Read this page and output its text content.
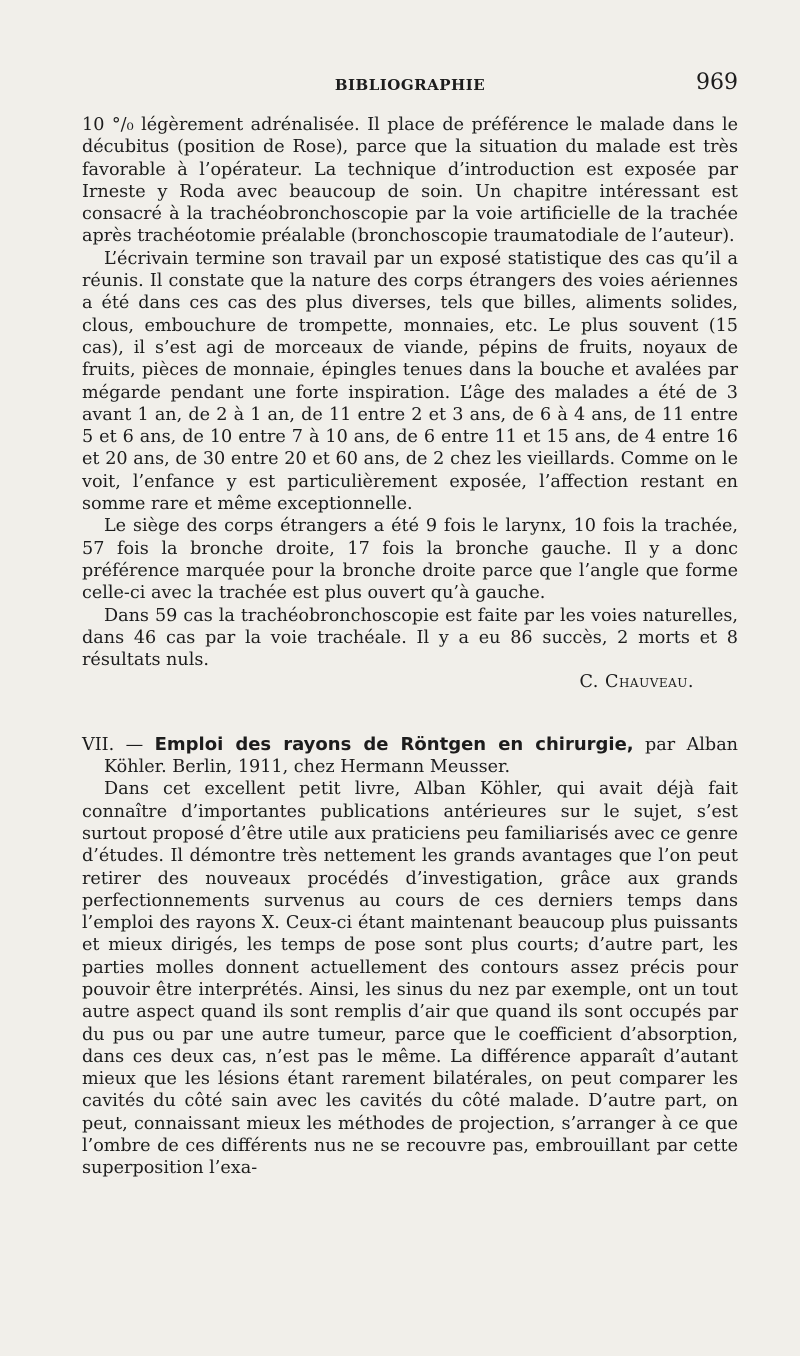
BIBLIOGRAPHIE	969

10 °/₀ légèrement adrénalisée. Il place de préférence le malade dans le décubitus (position de Rose), parce que la situation du malade est très favorable à l’opérateur. La technique d’introduction est exposée par Irneste y Roda avec beaucoup de soin. Un chapitre intéressant est consacré à la trachéobronchoscopie par la voie artificielle de la trachée après trachéotomie préalable (bronchoscopie traumatodiale de l’auteur).

L’écrivain termine son travail par un exposé statistique des cas qu’il a réunis. Il constate que la nature des corps étrangers des voies aériennes a été dans ces cas des plus diverses, tels que billes, aliments solides, clous, embouchure de trompette, monnaies, etc. Le plus souvent (15 cas), il s’est agi de morceaux de viande, pépins de fruits, noyaux de fruits, pièces de monnaie, épingles tenues dans la bouche et avalées par mégarde pendant une forte inspiration. L’âge des malades a été de 3 avant 1 an, de 2 à 1 an, de 11 entre 2 et 3 ans, de 6 à 4 ans, de 11 entre 5 et 6 ans, de 10 entre 7 à 10 ans, de 6 entre 11 et 15 ans, de 4 entre 16 et 20 ans, de 30 entre 20 et 60 ans, de 2 chez les vieillards. Comme on le voit, l’enfance y est particulièrement exposée, l’affection restant en somme rare et même exceptionnelle.

Le siège des corps étrangers a été 9 fois le larynx, 10 fois la trachée, 57 fois la bronche droite, 17 fois la bronche gauche. Il y a donc préférence marquée pour la bronche droite parce que l’angle que forme celle-ci avec la trachée est plus ouvert qu’à gauche.

Dans 59 cas la trachéobronchoscopie est faite par les voies naturelles, dans 46 cas par la voie trachéale. Il y a eu 86 succès, 2 morts et 8 résultats nuls.

C. Chauveau.

VII. — Emploi des rayons de Röntgen en chirurgie, par Alban Köhler. Berlin, 1911, chez Hermann Meusser.

Dans cet excellent petit livre, Alban Köhler, qui avait déjà fait connaître d’importantes publications antérieures sur le sujet, s’est surtout proposé d’être utile aux praticiens peu familiarisés avec ce genre d’études. Il démontre très nettement les grands avantages que l’on peut retirer des nouveaux procédés d’investigation, grâce aux grands perfectionnements survenus au cours de ces derniers temps dans l’emploi des rayons X. Ceux-ci étant maintenant beaucoup plus puissants et mieux dirigés, les temps de pose sont plus courts; d’autre part, les parties molles donnent actuellement des contours assez précis pour pouvoir être interprétés. Ainsi, les sinus du nez par exemple, ont un tout autre aspect quand ils sont remplis d’air que quand ils sont occupés par du pus ou par une autre tumeur, parce que le coefficient d’absorption, dans ces deux cas, n’est pas le même. La différence apparaît d’autant mieux que les lésions étant rarement bilatérales, on peut comparer les cavités du côté sain avec les cavités du côté malade. D’autre part, on peut, connaissant mieux les méthodes de projection, s’arranger à ce que l’ombre de ces différents nus ne se recouvre pas, embrouillant par cette superposition l’exa-
